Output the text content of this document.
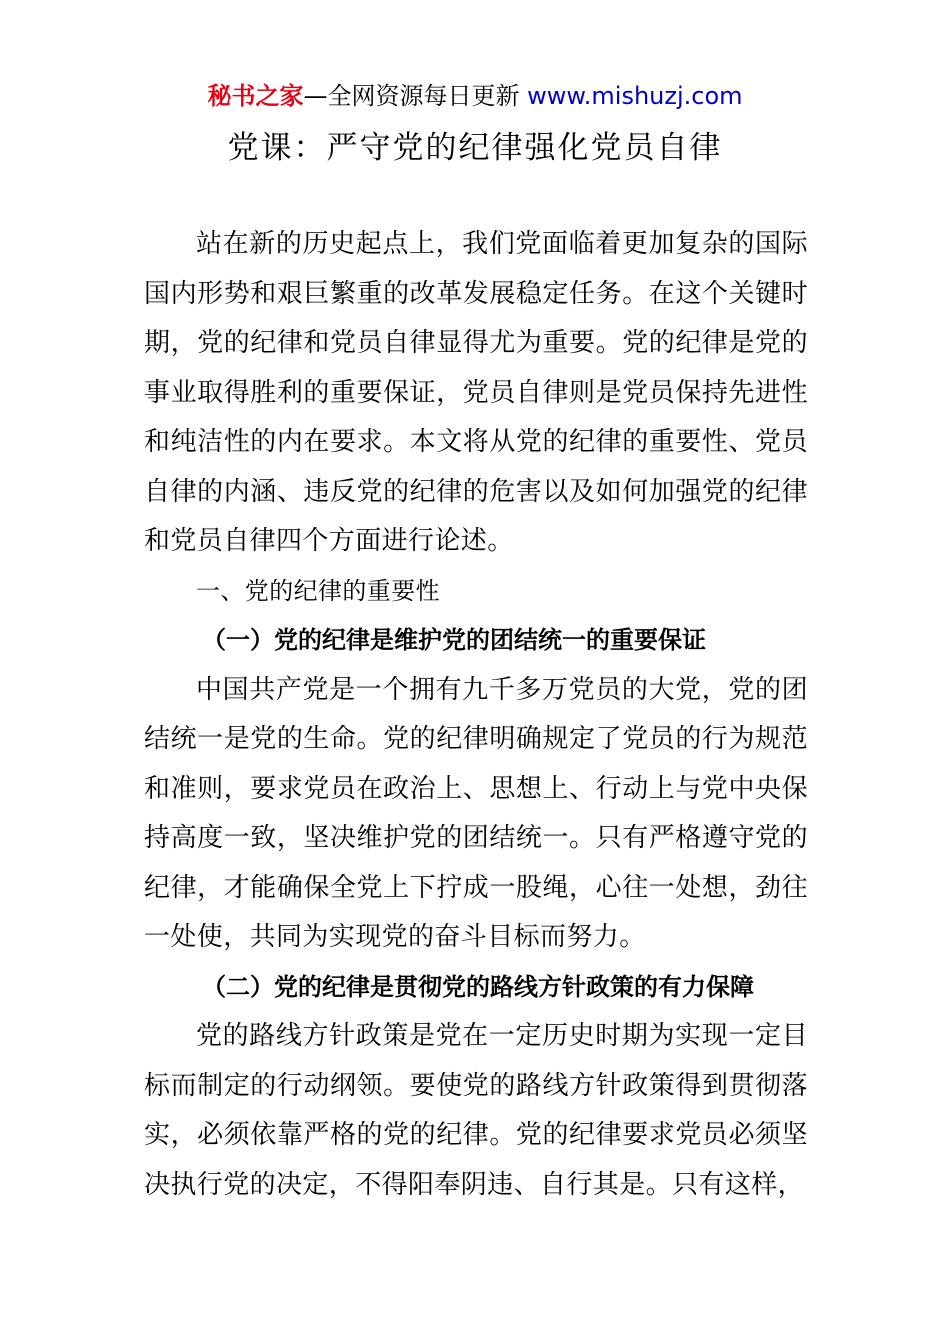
秘书之家—全网资源每日更新 www.mishuzj.com
党课：严守党的纪律强化党员自律

站在新的历史起点上，我们党面临着更加复杂的国际国内形势和艰巨繁重的改革发展稳定任务。在这个关键时期，党的纪律和党员自律显得尤为重要。党的纪律是党的事业取得胜利的重要保证，党员自律则是党员保持先进性和纯洁性的内在要求。本文将从党的纪律的重要性、党员自律的内涵、违反党的纪律的危害以及如何加强党的纪律和党员自律四个方面进行论述。

一、党的纪律的重要性

（一）党的纪律是维护党的团结统一的重要保证

中国共产党是一个拥有九千多万党员的大党，党的团结统一是党的生命。党的纪律明确规定了党员的行为规范和准则，要求党员在政治上、思想上、行动上与党中央保持高度一致，坚决维护党的团结统一。只有严格遵守党的纪律，才能确保全党上下拧成一股绳，心往一处想，劲往一处使，共同为实现党的奋斗目标而努力。

（二）党的纪律是贯彻党的路线方针政策的有力保障

党的路线方针政策是党在一定历史时期为实现一定目标而制定的行动纲领。要使党的路线方针政策得到贯彻落实，必须依靠严格的党的纪律。党的纪律要求党员必须坚决执行党的决定，不得阳奉阴违、自行其是。只有这样，
